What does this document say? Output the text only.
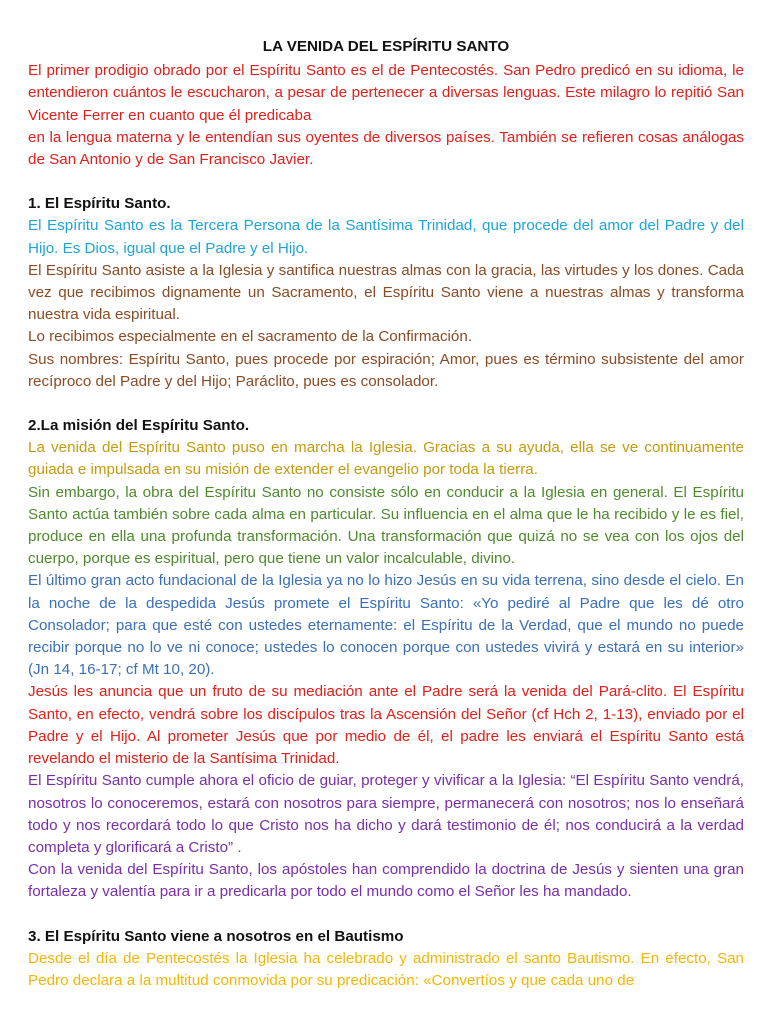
LA VENIDA DEL ESPÍRITU SANTO

El primer prodigio obrado por el Espíritu Santo es el de Pentecostés. San Pedro predicó en su idioma, le entendieron cuántos le escucharon, a pesar de pertenecer a diversas lenguas. Este milagro lo repitió San Vicente Ferrer en cuanto que él predicaba

en la lengua materna y le entendían sus oyentes de diversos países. También se refieren cosas análogas de San Antonio y de San Francisco Javier.

1. El Espíritu Santo.

El Espíritu Santo es la Tercera Persona de la Santísima Trinidad, que procede del amor del Padre y del Hijo. Es Dios, igual que el Padre y el Hijo.

El Espíritu Santo asiste a la Iglesia y santifica nuestras almas con la gracia, las virtudes y los dones. Cada vez que recibimos dignamente un Sacramento, el Espíritu Santo viene a nuestras almas y transforma nuestra vida espiritual.

Lo recibimos especialmente en el sacramento de la Confirmación.

Sus nombres: Espíritu Santo, pues procede por espiración; Amor, pues es término subsistente del amor recíproco del Padre y del Hijo; Paráclito, pues es consolador.

2.La misión del Espíritu Santo.

La venida del Espíritu Santo puso en marcha la Iglesia. Gracias a su ayuda, ella se ve continuamente guiada e impulsada en su misión de extender el evangelio por toda la tierra.

Sin embargo, la obra del Espíritu Santo no consiste sólo en conducir a la Iglesia en general. El Espíritu Santo actúa también sobre cada alma en particular. Su influencia en el alma que le ha recibido y le es fiel, produce en ella una profunda transformación. Una transformación que quizá no se vea con los ojos del cuerpo, porque es espiritual, pero que tiene un valor incalculable, divino.

El último gran acto fundacional de la Iglesia ya no lo hizo Jesús en su vida terrena, sino desde el cielo. En la noche de la despedida Jesús promete el Espíritu Santo: «Yo pediré al Padre que les dé otro Consolador; para que esté con ustedes eternamente: el Espíritu de la Verdad, que el mundo no puede recibir porque no lo ve ni conoce; ustedes lo conocen porque con ustedes vivirá y estará en su interior» (Jn 14, 16-17; cf Mt 10, 20).

Jesús les anuncia que un fruto de su mediación ante el Padre será la venida del Pará-clito. El Espíritu Santo, en efecto, vendrá sobre los discípulos tras la Ascensión del Señor (cf Hch 2, 1-13), enviado por el Padre y el Hijo. Al prometer Jesús que por medio de él, el padre les enviará el Espíritu Santo está revelando el misterio de la Santísima Trinidad.

El Espíritu Santo cumple ahora el oficio de guiar, proteger y vivificar a la Iglesia: “El Espíritu Santo vendrá, nosotros lo conoceremos, estará con nosotros para siempre, permanecerá con nosotros; nos lo enseñará todo y nos recordará todo lo que Cristo nos ha dicho y dará testimonio de él; nos conducirá a la verdad completa y glorificará a Cristo” .

Con la venida del Espíritu Santo, los apóstoles han comprendido la doctrina de Jesús y sienten una gran fortaleza y valentía para ir a predicarla por todo el mundo como el Señor les ha mandado.

3. El Espíritu Santo viene a nosotros en el Bautismo

Desde el día de Pentecostés la Iglesia ha celebrado y administrado el santo Bautismo. En efecto, San Pedro declara a la multitud conmovida por su predicación: «Convertíos y que cada uno de
